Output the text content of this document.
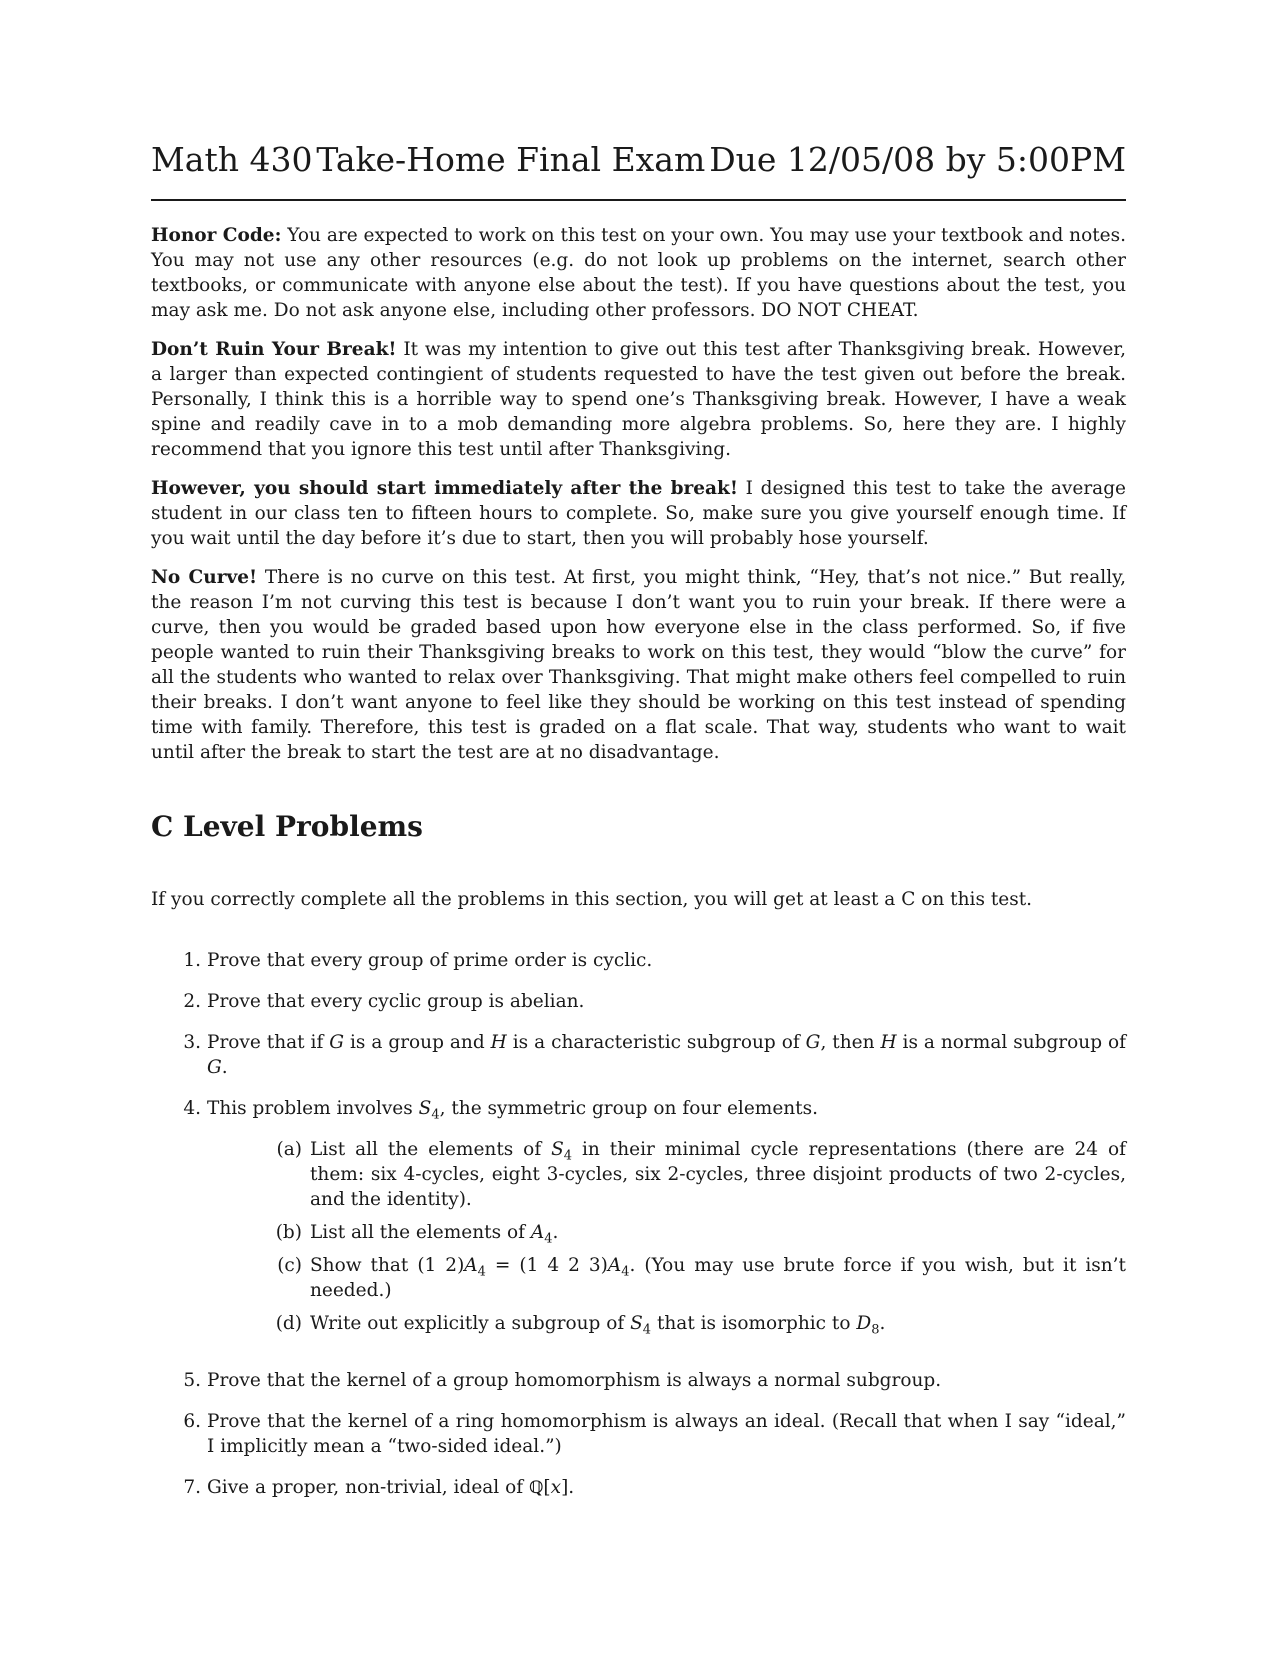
Math 430 Take-Home Final Exam Due 12/05/08 by 5:00PM

Honor Code: You are expected to work on this test on your own. You may use your textbook and notes. You may not use any other resources (e.g. do not look up problems on the internet, search other textbooks, or communicate with anyone else about the test). If you have questions about the test, you may ask me. Do not ask anyone else, including other professors. DO NOT CHEAT.

Don’t Ruin Your Break! It was my intention to give out this test after Thanksgiving break. However, a larger than expected contingient of students requested to have the test given out before the break. Personally, I think this is a horrible way to spend one’s Thanksgiving break. However, I have a weak spine and readily cave in to a mob demanding more algebra problems. So, here they are. I highly recommend that you ignore this test until after Thanksgiving.

However, you should start immediately after the break! I designed this test to take the average student in our class ten to fifteen hours to complete. So, make sure you give yourself enough time. If you wait until the day before it’s due to start, then you will probably hose yourself.

No Curve! There is no curve on this test. At first, you might think, “Hey, that’s not nice.” But really, the reason I’m not curving this test is because I don’t want you to ruin your break. If there were a curve, then you would be graded based upon how everyone else in the class performed. So, if five people wanted to ruin their Thanksgiving breaks to work on this test, they would “blow the curve” for all the students who wanted to relax over Thanksgiving. That might make others feel compelled to ruin their breaks. I don’t want anyone to feel like they should be working on this test instead of spending time with family. Therefore, this test is graded on a flat scale. That way, students who want to wait until after the break to start the test are at no disadvantage.

C Level Problems

If you correctly complete all the problems in this section, you will get at least a C on this test.

1. Prove that every group of prime order is cyclic.
2. Prove that every cyclic group is abelian.
3. Prove that if G is a group and H is a characteristic subgroup of G, then H is a normal subgroup of G.
4. This problem involves $S_4$, the symmetric group on four elements.
(a) List all the elements of $S_4$ in their minimal cycle representations (there are 24 of them: six 4-cycles, eight 3-cycles, six 2-cycles, three disjoint products of two 2-cycles, and the identity).
(b) List all the elements of $A_4$.
(c) Show that (1 $2)A_4 = (1$ 4 2 $3)A_4$. (You may use brute force if you wish, but it isn’t needed.)
(d) Write out explicitly a subgroup of $S_4$ that is isomorphic to $D_8$.
5. Prove that the kernel of a group homomorphism is always a normal subgroup.
6. Prove that the kernel of a ring homomorphism is always an ideal. (Recall that when I say “ideal,” I implicitly mean a “two-sided ideal.”)
7. Give a proper, non-trivial, ideal of ℚ[x].
